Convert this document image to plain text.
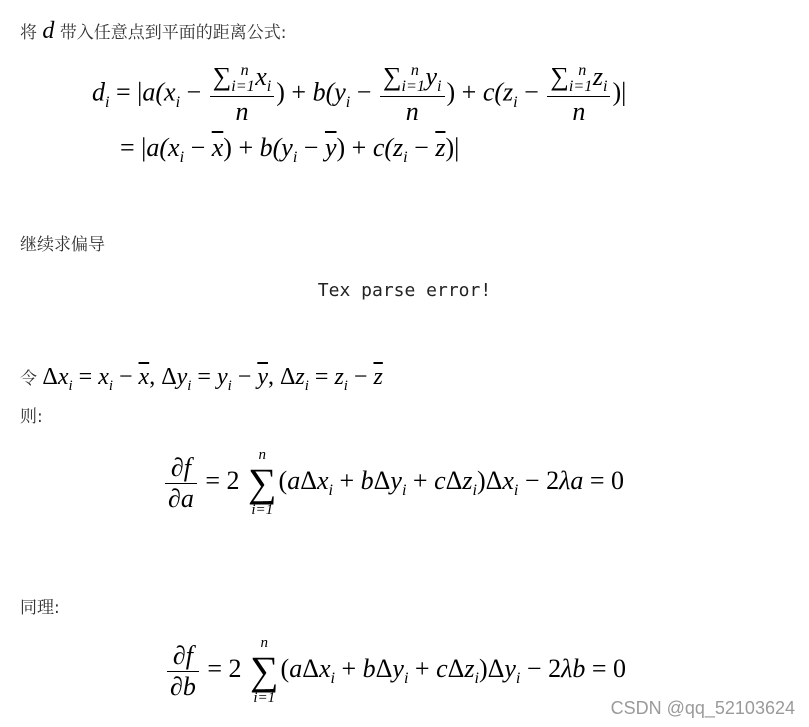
将 d 带入任意点到平面的距离公式:
$d_i = |a(x_i - \frac{\sum_{i=1}^n x_i}{n}$ ) + $b(y_i - \frac{\sum_{i=1}^n y_i}{n}$ ) + $c(z_i - \frac{\sum_{i=1}^n z_i}{n}$ )|
= $|a(x_i - \overline{x}) + b(y_i - \overline{y}) + c(z_i - \overline{z})|$
继续求偏导
Tex parse error!
令 $\Delta x_i = x_i - \overline{x}$, $\Delta y_i = y_i - \overline{y}$, $\Delta z_i = z_i - \overline{z}$
则:
$\frac{\partial f}{\partial a} = 2$
n
∑
i=1
$(a\Delta x_i + b\Delta y_i + c\Delta z_i)\Delta x_i - 2\lambda a = 0$
同理:
$\frac{\partial f}{\partial b} = 2$
n
∑
i=1
$(a\Delta x_i + b\Delta y_i + c\Delta z_i)\Delta y_i - 2\lambda b = 0$
CSDN @qq_52103624
